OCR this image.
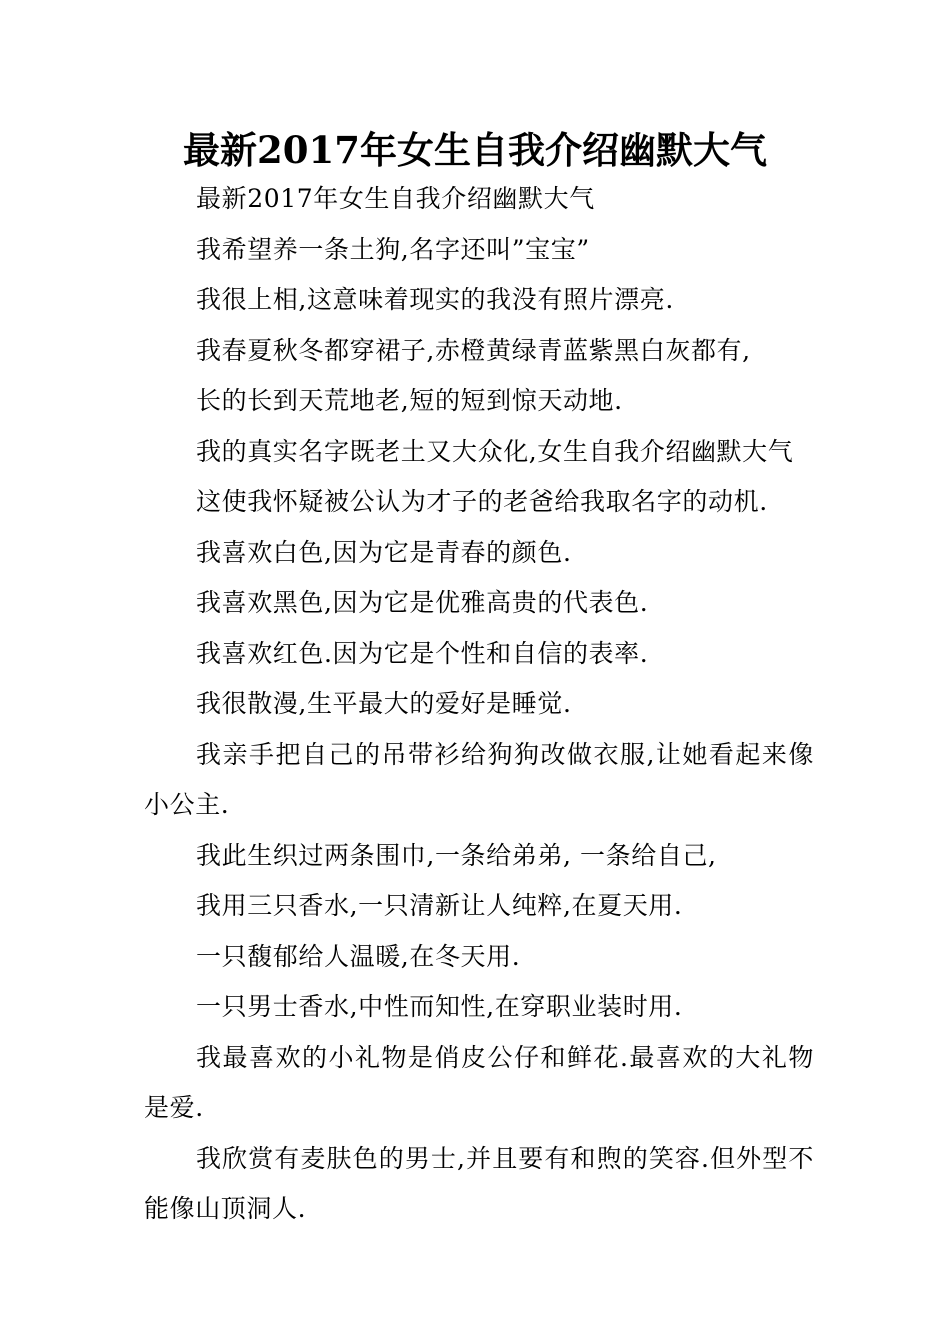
最新2017年女生自我介绍幽默大气

最新2017年女生自我介绍幽默大气

我希望养一条土狗,名字还叫”宝宝”

我很上相,这意味着现实的我没有照片漂亮.

我春夏秋冬都穿裙子,赤橙黄绿青蓝紫黑白灰都有,

长的长到天荒地老,短的短到惊天动地.

我的真实名字既老土又大众化,女生自我介绍幽默大气

这使我怀疑被公认为才子的老爸给我取名字的动机.

我喜欢白色,因为它是青春的颜色.

我喜欢黑色,因为它是优雅高贵的代表色.

我喜欢红色.因为它是个性和自信的表率.

我很散漫,生平最大的爱好是睡觉.

我亲手把自己的吊带衫给狗狗改做衣服,让她看起来像小公主.

我此生织过两条围巾,一条给弟弟, 一条给自己,

我用三只香水,一只清新让人纯粹,在夏天用.

一只馥郁给人温暖,在冬天用.

一只男士香水,中性而知性,在穿职业装时用.

我最喜欢的小礼物是俏皮公仔和鲜花.最喜欢的大礼物是爱.

我欣赏有麦肤色的男士,并且要有和煦的笑容.但外型不能像山顶洞人.
